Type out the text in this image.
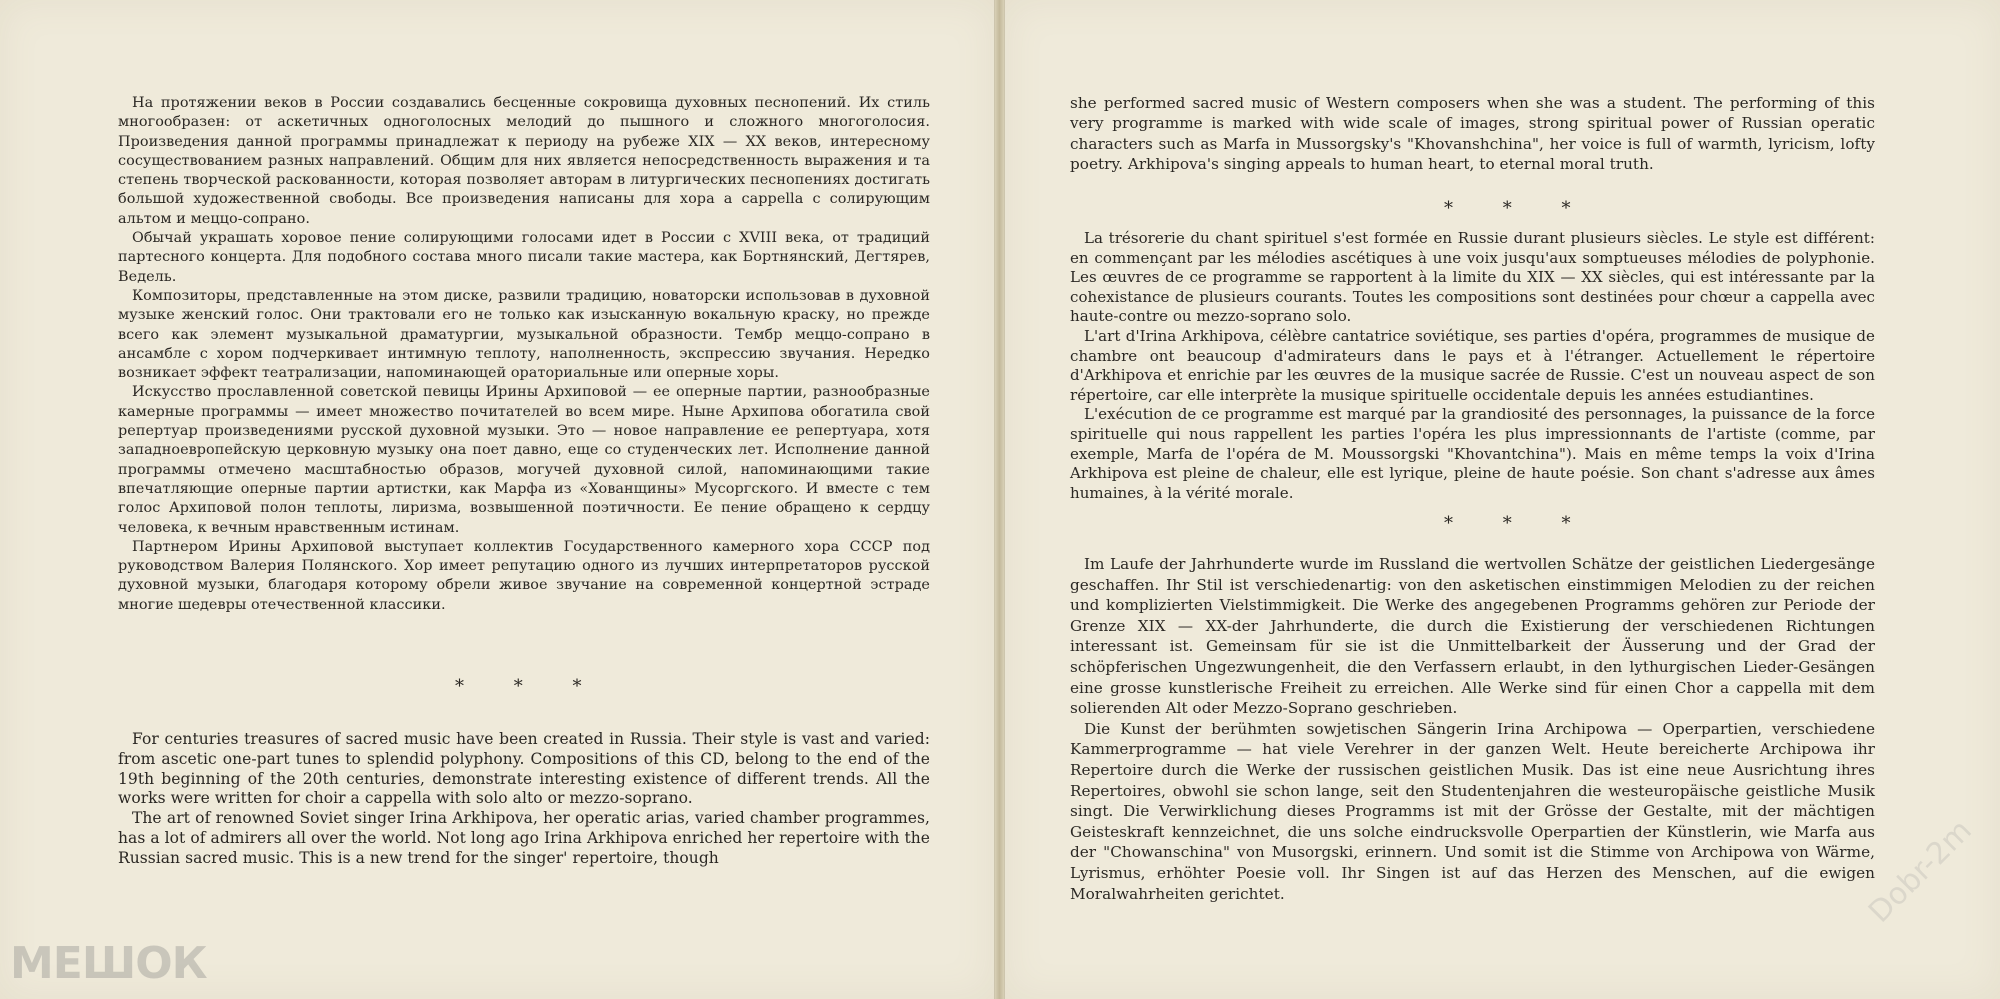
На протяжении веков в России создавались бесценные сокровища духовных песнопений. Их стиль многообразен: от аскетичных одноголосных мелодий до пышного и сложного многоголосия. Произведения данной программы принадлежат к периоду на рубеже XIX — XX веков, интересному сосуществованием разных направлений. Общим для них является непосредственность выражения и та степень творческой раскованности, которая позволяет авторам в литургических песнопениях достигать большой художественной свободы. Все произведения написаны для хора a cappella с солирующим альтом и меццо-сопрано.

Обычай украшать хоровое пение солирующими голосами идет в России с XVIII века, от традиций партесного концерта. Для подобного состава много писали такие мастера, как Бортнянский, Дегтярев, Ведель.

Композиторы, представленные на этом диске, развили традицию, новаторски использовав в духовной музыке женский голос. Они трактовали его не только как изысканную вокальную краску, но прежде всего как элемент музыкальной драматургии, музыкальной образности. Тембр меццо-сопрано в ансамбле с хором подчеркивает интимную теплоту, наполненность, экспрессию звучания. Нередко возникает эффект театрализации, напоминающей ораториальные или оперные хоры.

Искусство прославленной советской певицы Ирины Архиповой — ее оперные партии, разнообразные камерные программы — имеет множество почитателей во всем мире. Ныне Архипова обогатила свой репертуар произведениями русской духовной музыки. Это — новое направление ее репертуара, хотя западноевропейскую церковную музыку она поет давно, еще со студенческих лет. Исполнение данной программы отмечено масштабностью образов, могучей духовной силой, напоминающими такие впечатляющие оперные партии артистки, как Марфа из «Хованщины» Мусоргского. И вместе с тем голос Архиповой полон теплоты, лиризма, возвышенной поэтичности. Ее пение обращено к сердцу человека, к вечным нравственным истинам.

Партнером Ирины Архиповой выступает коллектив Государственного камерного хора СССР под руководством Валерия Полянского. Хор имеет репутацию одного из лучших интерпретаторов русской духовной музыки, благодаря которому обрели живое звучание на современной концертной эстраде многие шедевры отечественной классики.

* * *

For centuries treasures of sacred music have been created in Russia. Their style is vast and varied: from ascetic one-part tunes to splendid polyphony. Compositions of this CD, belong to the end of the 19th beginning of the 20th centuries, demonstrate interesting existence of different trends. All the works were written for choir a cappella with solo alto or mezzo-soprano.

The art of renowned Soviet singer Irina Arkhipova, her operatic arias, varied chamber programmes, has a lot of admirers all over the world. Not long ago Irina Arkhipova enriched her repertoire with the Russian sacred music. This is a new trend for the singer' repertoire, though

МЕШОК

she performed sacred music of Western composers when she was a student. The performing of this very programme is marked with wide scale of images, strong spiritual power of Russian operatic characters such as Marfa in Mussorgsky's "Khovanshchina", her voice is full of warmth, lyricism, lofty poetry. Arkhipova's singing appeals to human heart, to eternal moral truth.

* * *

La trésorerie du chant spirituel s'est formée en Russie durant plusieurs siècles. Le style est différent: en commençant par les mélodies ascétiques à une voix jusqu'aux somptueuses mélodies de polyphonie. Les œuvres de ce programme se rapportent à la limite du XIX — XX siècles, qui est intéressante par la cohexistance de plusieurs courants. Toutes les compositions sont destinées pour chœur a cappella avec haute-contre ou mezzo-soprano solo.

L'art d'Irina Arkhipova, célèbre cantatrice soviétique, ses parties d'opéra, programmes de musique de chambre ont beaucoup d'admirateurs dans le pays et à l'étranger. Actuellement le répertoire d'Arkhipova et enrichie par les œuvres de la musique sacrée de Russie. C'est un nouveau aspect de son répertoire, car elle interprète la musique spirituelle occidentale depuis les années estudiantines.

L'exécution de ce programme est marqué par la grandiosité des personnages, la puissance de la force spirituelle qui nous rappellent les parties l'opéra les plus impressionnants de l'artiste (comme, par exemple, Marfa de l'opéra de M. Moussorgski "Khovantchina"). Mais en même temps la voix d'Irina Arkhipova est pleine de chaleur, elle est lyrique, pleine de haute poésie. Son chant s'adresse aux âmes humaines, à la vérité morale.

* * *

Im Laufe der Jahrhunderte wurde im Russland die wertvollen Schätze der geistlichen Liedergesänge geschaffen. Ihr Stil ist verschiedenartig: von den asketischen einstimmigen Melodien zu der reichen und komplizierten Vielstimmigkeit. Die Werke des angegebenen Programms gehören zur Periode der Grenze XIX — XX-der Jahrhunderte, die durch die Existierung der verschiedenen Richtungen interessant ist. Gemeinsam für sie ist die Unmittelbarkeit der Äusserung und der Grad der schöpferischen Ungezwungenheit, die den Verfassern erlaubt, in den lythurgischen Lieder-Gesängen eine grosse kunstlerische Freiheit zu erreichen. Alle Werke sind für einen Chor a cappella mit dem solierenden Alt oder Mezzo-Soprano geschrieben.

Die Kunst der berühmten sowjetischen Sängerin Irina Archipowa — Operpartien, verschiedene Kammerprogramme — hat viele Verehrer in der ganzen Welt. Heute bereicherte Archipowa ihr Repertoire durch die Werke der russischen geistlichen Musik. Das ist eine neue Ausrichtung ihres Repertoires, obwohl sie schon lange, seit den Studentenjahren die westeuropäische geistliche Musik singt. Die Verwirklichung dieses Programms ist mit der Grösse der Gestalte, mit der mächtigen Geisteskraft kennzeichnet, die uns solche eindrucksvolle Operpartien der Künstlerin, wie Marfa aus der "Chowanschina" von Musorgski, erinnern. Und somit ist die Stimme von Archipowa von Wärme, Lyrismus, erhöhter Poesie voll. Ihr Singen ist auf das Herzen des Menschen, auf die ewigen Moralwahrheiten gerichtet.	Dobr-2m
